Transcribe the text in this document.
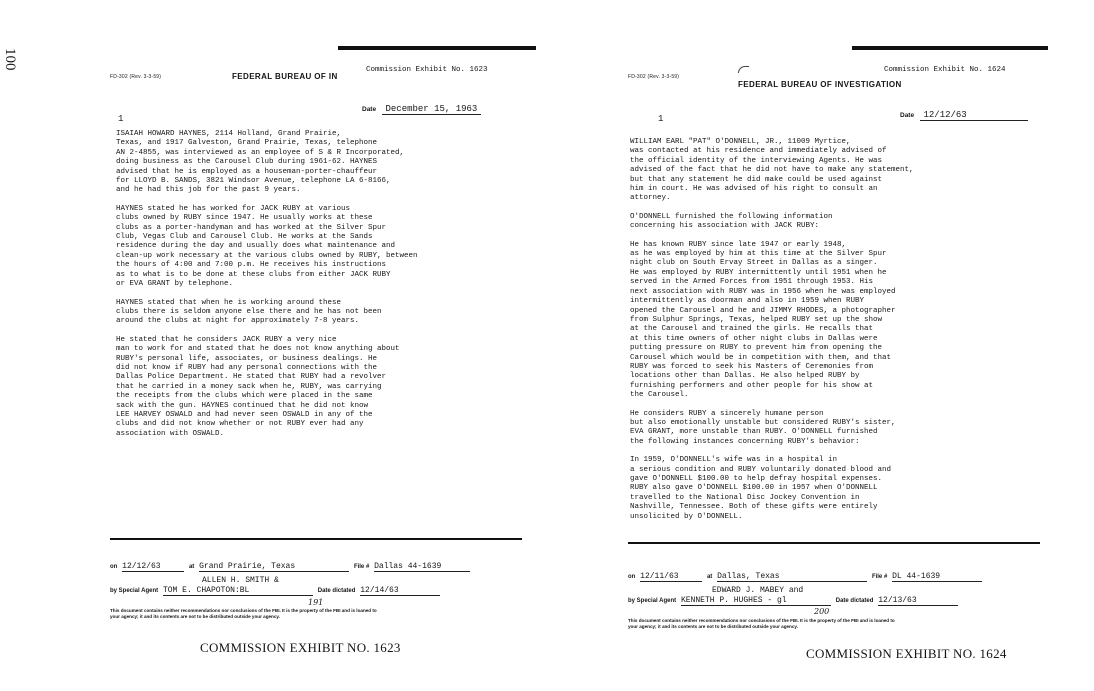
100
FD-302 (Rev. 3-3-59)	FEDERAL BUREAU OF IN
Commission Exhibit No. 1623
Date December 15, 1963
1

ISAIAH HOWARD HAYNES, 2114 Holland, Grand Prairie,
Texas, and 1917 Galveston, Grand Prairie, Texas, telephone
AN 2-4855, was interviewed as an employee of S & R Incorporated,
doing business as the Carousel Club during 1961-62. HAYNES
advised that he is employed as a houseman-porter-chauffeur
for LLOYD B. SANDS, 3821 Windsor Avenue, telephone LA 6-8166,
and he had this job for the past 9 years.

HAYNES stated he has worked for JACK RUBY at various
clubs owned by RUBY since 1947. He usually works at these
clubs as a porter-handyman and has worked at the Silver Spur
Club, Vegas Club and Carousel Club. He works at the Sands
residence during the day and usually does what maintenance and
clean-up work necessary at the various clubs owned by RUBY, between
the hours of 4:00 and 7:00 p.m. He receives his instructions
as to what is to be done at these clubs from either JACK RUBY
or EVA GRANT by telephone.

HAYNES stated that when he is working around these
clubs there is seldom anyone else there and he has not been
around the clubs at night for approximately 7-8 years.

He stated that he considers JACK RUBY a very nice
man to work for and stated that he does not know anything about
RUBY's personal life, associates, or business dealings. He
did not know if RUBY had any personal connections with the
Dallas Police Department. He stated that RUBY had a revolver
that he carried in a money sack when he, RUBY, was carrying
the receipts from the clubs which were placed in the same
sack with the gun. HAYNES continued that he did not know
LEE HARVEY OSWALD and had never seen OSWALD in any of the
clubs and did not know whether or not RUBY ever had any
association with OSWALD.

on 12/12/63	at Grand Prairie, Texas	File # Dallas 44-1639
ALLEN H. SMITH &
by Special Agent TOM E. CHAPOTON:BL	Date dictated 12/14/63
191
This document contains neither recommendations nor conclusions of the FBI. It is the property of the FBI and is loaned to
your agency; it and its contents are not to be distributed outside your agency.
COMMISSION EXHIBIT NO. 1623
FD-302 (Rev. 3-3-59)
FEDERAL BUREAU OF INVESTIGATION
Commission Exhibit No. 1624
Date 12/12/63
1

WILLIAM EARL "PAT" O'DONNELL, JR., 11009 Myrtice,
was contacted at his residence and immediately advised of
the official identity of the interviewing Agents. He was
advised of the fact that he did not have to make any statement,
but that any statement he did make could be used against
him in court. He was advised of his right to consult an
attorney.

O'DONNELL furnished the following information
concerning his association with JACK RUBY:

He has known RUBY since late 1947 or early 1948,
as he was employed by him at this time at the Silver Spur
night club on South Ervay Street in Dallas as a singer.
He was employed by RUBY intermittently until 1951 when he
served in the Armed Forces from 1951 through 1953. His
next association with RUBY was in 1956 when he was employed
intermittently as doorman and also in 1959 when RUBY
opened the Carousel and he and JIMMY RHODES, a photographer
from Sulphur Springs, Texas, helped RUBY set up the show
at the Carousel and trained the girls. He recalls that
at this time owners of other night clubs in Dallas were
putting pressure on RUBY to prevent him from opening the
Carousel which would be in competition with them, and that
RUBY was forced to seek his Masters of Ceremonies from
locations other than Dallas. He also helped RUBY by
furnishing performers and other people for his show at
the Carousel.

He considers RUBY a sincerely humane person
but also emotionally unstable but considered RUBY's sister,
EVA GRANT, more unstable than RUBY. O'DONNELL furnished
the following instances concerning RUBY's behavior:

In 1959, O'DONNELL's wife was in a hospital in
a serious condition and RUBY voluntarily donated blood and
gave O'DONNELL $100.00 to help defray hospital expenses.
RUBY also gave O'DONNELL $100.00 in 1957 when O'DONNELL
travelled to the National Disc Jockey Convention in
Nashville, Tennessee. Both of these gifts were entirely
unsolicited by O'DONNELL.

on 12/11/63	at Dallas, Texas	File # DL 44-1639
EDWARD J. MABEY and
by Special Agent KENNETH P. HUGHES - gl	Date dictated 12/13/63
200
This document contains neither recommendations nor conclusions of the FBI. It is the property of the FBI and is loaned to
your agency; it and its contents are not to be distributed outside your agency.
COMMISSION EXHIBIT NO. 1624
